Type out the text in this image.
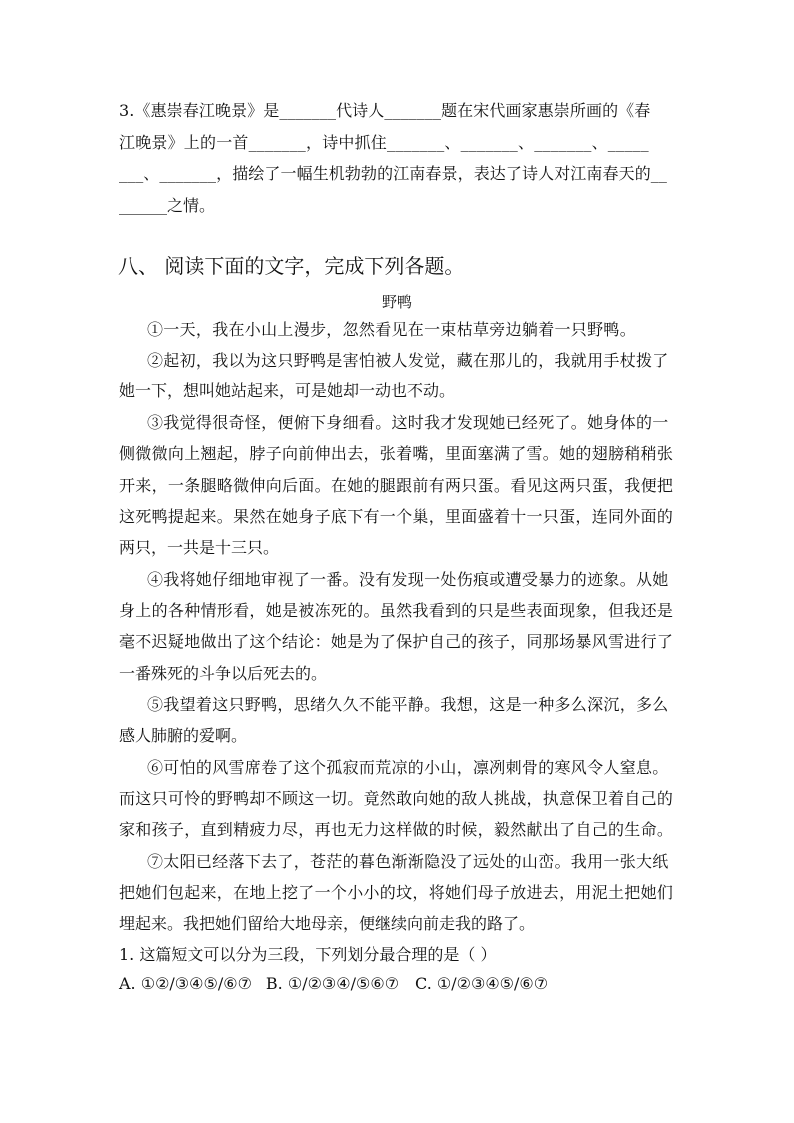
3.《惠崇春江晚景》是_______代诗人_______题在宋代画家惠崇所画的《春
江晚景》上的一首_______，诗中抓住_______、_______、_______、_____
___、_______，描绘了一幅生机勃勃的江南春景，表达了诗人对江南春天的__
______之情。
八、 阅读下面的文字，完成下列各题。
野鸭
①一天，我在小山上漫步，忽然看见在一束枯草旁边躺着一只野鸭。
②起初，我以为这只野鸭是害怕被人发觉，藏在那儿的，我就用手杖拨了
她一下，想叫她站起来，可是她却一动也不动。
③我觉得很奇怪，便俯下身细看。这时我才发现她已经死了。她身体的一
侧微微向上翘起，脖子向前伸出去，张着嘴，里面塞满了雪。她的翅膀稍稍张
开来，一条腿略微伸向后面。在她的腿跟前有两只蛋。看见这两只蛋，我便把
这死鸭提起来。果然在她身子底下有一个巢，里面盛着十一只蛋，连同外面的
两只，一共是十三只。
④我将她仔细地审视了一番。没有发现一处伤痕或遭受暴力的迹象。从她
身上的各种情形看，她是被冻死的。虽然我看到的只是些表面现象，但我还是
毫不迟疑地做出了这个结论：她是为了保护自己的孩子，同那场暴风雪进行了
一番殊死的斗争以后死去的。
⑤我望着这只野鸭，思绪久久不能平静。我想，这是一种多么深沉，多么
感人肺腑的爱啊。
⑥可怕的风雪席卷了这个孤寂而荒凉的小山，凛冽刺骨的寒风令人窒息。
而这只可怜的野鸭却不顾这一切。竟然敢向她的敌人挑战，执意保卫着自己的
家和孩子，直到精疲力尽，再也无力这样做的时候，毅然献出了自己的生命。
⑦太阳已经落下去了，苍茫的暮色渐渐隐没了远处的山峦。我用一张大纸
把她们包起来，在地上挖了一个小小的坟，将她们母子放进去，用泥土把她们
埋起来。我把她们留给大地母亲，便继续向前走我的路了。
1. 这篇短文可以分为三段，下列划分最合理的是（ ）
A. ①②/③④⑤/⑥⑦ B. ①/②③④/⑤⑥⑦ C. ①/②③④⑤/⑥⑦
